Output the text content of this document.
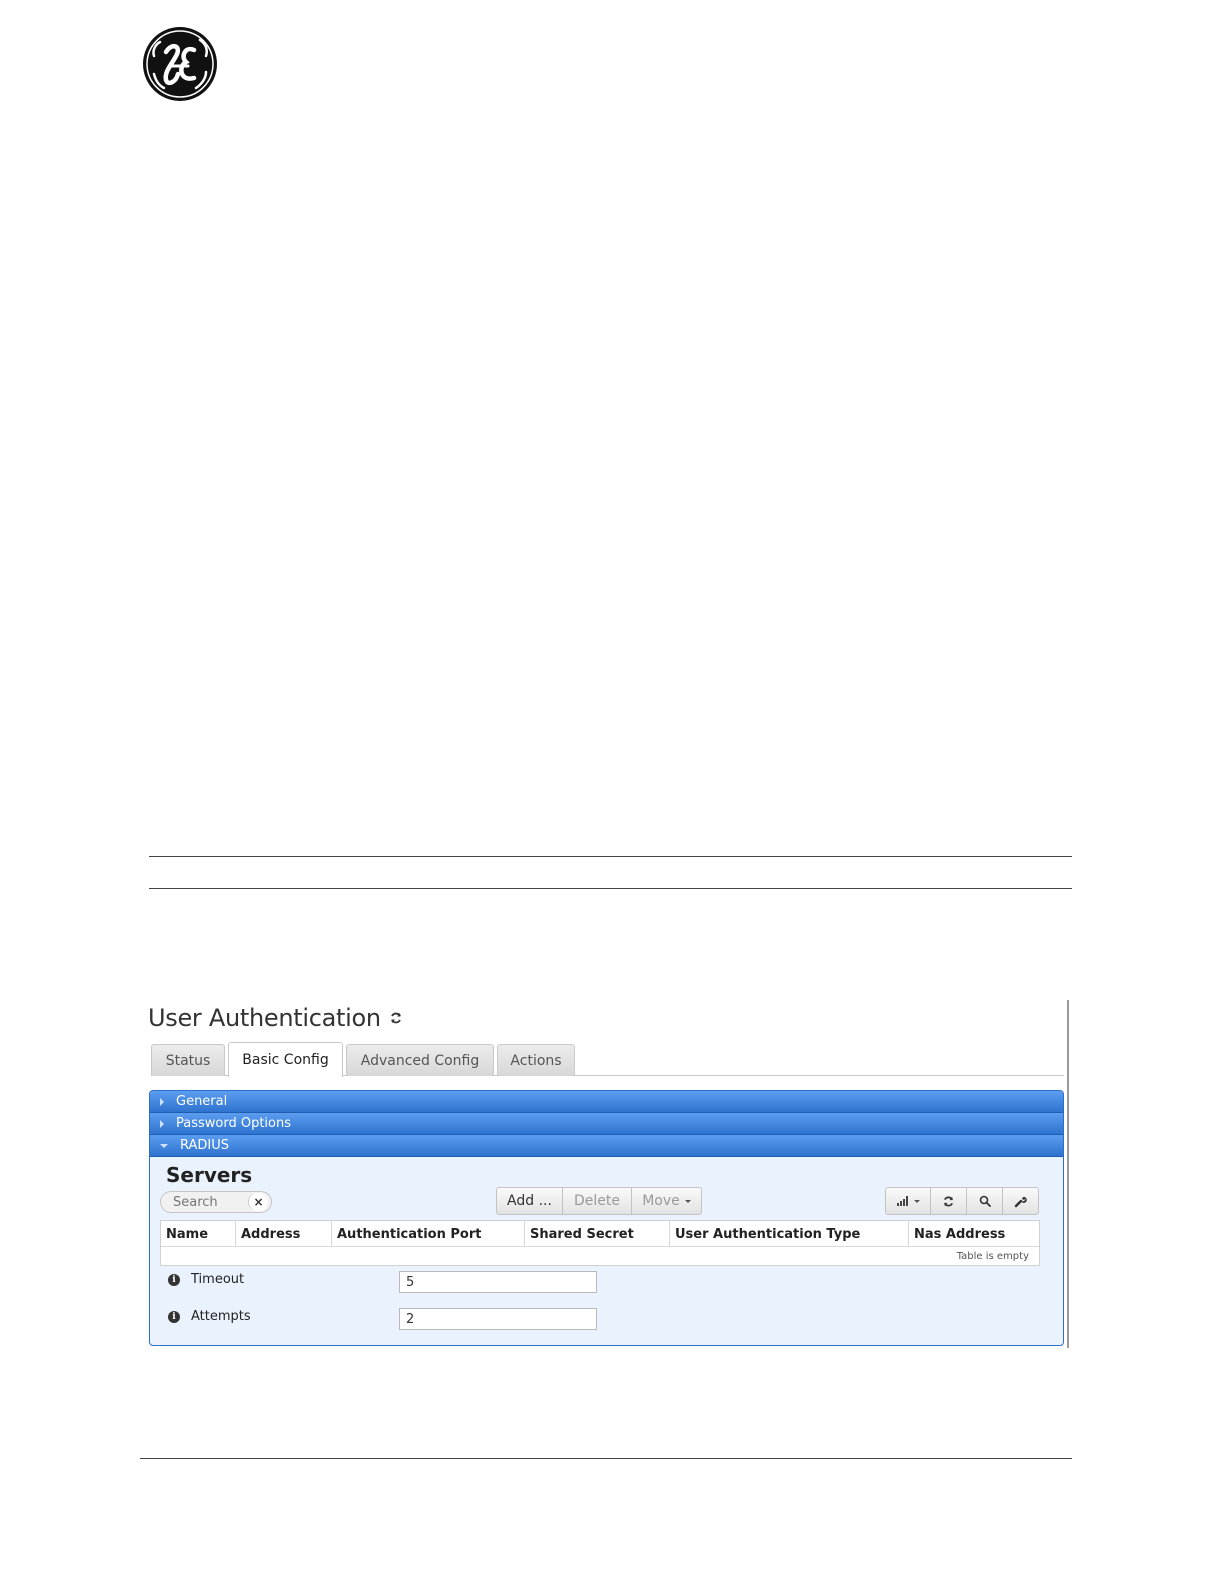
User Authentication
Status	Basic Config	Advanced Config	Actions
General
Password Options
RADIUS
Servers
Search
×	Add ...	Delete	Move
Name	Address	Authentication Port	Shared Secret	User Authentication Type	Nas Address
Table is empty
i	Timeout
5
i	Attempts
2
